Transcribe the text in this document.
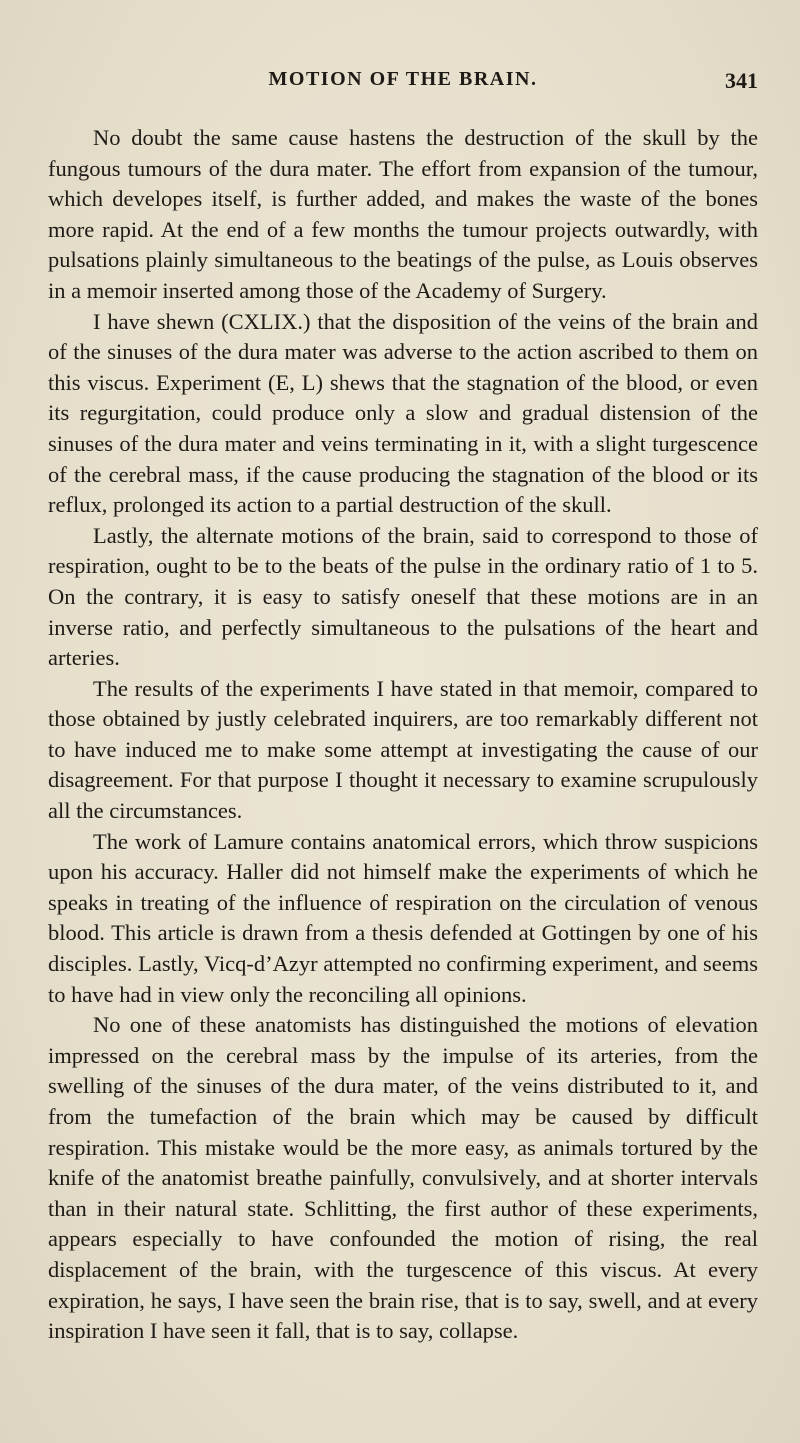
MOTION OF THE BRAIN.	341

No doubt the same cause hastens the destruction of the skull by the fungous tumours of the dura mater. The effort from expansion of the tumour, which developes itself, is further added, and makes the waste of the bones more rapid. At the end of a few months the tumour projects outwardly, with pulsations plainly simultaneous to the beatings of the pulse, as Louis observes in a memoir inserted among those of the Academy of Surgery.

I have shewn (CXLIX.) that the disposition of the veins of the brain and of the sinuses of the dura mater was adverse to the action ascribed to them on this viscus. Experiment (E, L) shews that the stagnation of the blood, or even its regurgitation, could produce only a slow and gradual distension of the sinuses of the dura mater and veins terminating in it, with a slight turgescence of the cerebral mass, if the cause producing the stagnation of the blood or its reflux, prolonged its action to a partial destruction of the skull.

Lastly, the alternate motions of the brain, said to correspond to those of respiration, ought to be to the beats of the pulse in the ordinary ratio of 1 to 5. On the contrary, it is easy to satisfy oneself that these motions are in an inverse ratio, and perfectly simultaneous to the pulsations of the heart and arteries.

The results of the experiments I have stated in that memoir, compared to those obtained by justly celebrated inquirers, are too remarkably different not to have induced me to make some attempt at investigating the cause of our disagreement. For that purpose I thought it necessary to examine scrupulously all the circumstances.

The work of Lamure contains anatomical errors, which throw suspicions upon his accuracy. Haller did not himself make the experiments of which he speaks in treating of the influence of respiration on the circulation of venous blood. This article is drawn from a thesis defended at Gottingen by one of his disciples. Lastly, Vicq-d’Azyr attempted no confirming experiment, and seems to have had in view only the reconciling all opinions.

No one of these anatomists has distinguished the motions of elevation impressed on the cerebral mass by the impulse of its arteries, from the swelling of the sinuses of the dura mater, of the veins distributed to it, and from the tumefaction of the brain which may be caused by difficult respiration. This mistake would be the more easy, as animals tortured by the knife of the anatomist breathe painfully, convulsively, and at shorter intervals than in their natural state. Schlitting, the first author of these experiments, appears especially to have confounded the motion of rising, the real displacement of the brain, with the turgescence of this viscus. At every expiration, he says, I have seen the brain rise, that is to say, swell, and at every inspiration I have seen it fall, that is to say, collapse.
